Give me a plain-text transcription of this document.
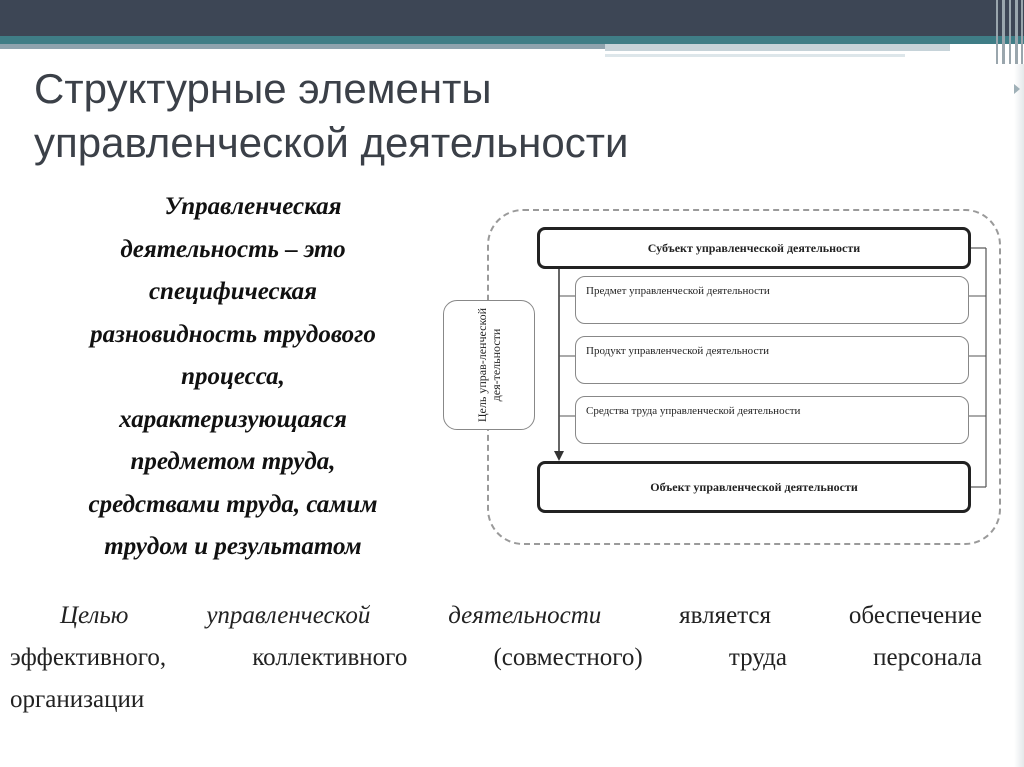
Структурные элементы
управленческой деятельности
Управленческая
деятельность – это
специфическая
разновидность трудового
процесса,
характеризующаяся
предметом труда,
средствами труда, самим
трудом и результатом
Субъект управленческой деятельности
Предмет управленческой деятельности
Продукт управленческой деятельности
Средства труда управленческой деятельности
Объект управленческой деятельности
Цель управ-ленческой дея-тельности
Целью управленческой деятельности является обеспечение
эффективного, коллективного (совместного) труда персонала
организации
